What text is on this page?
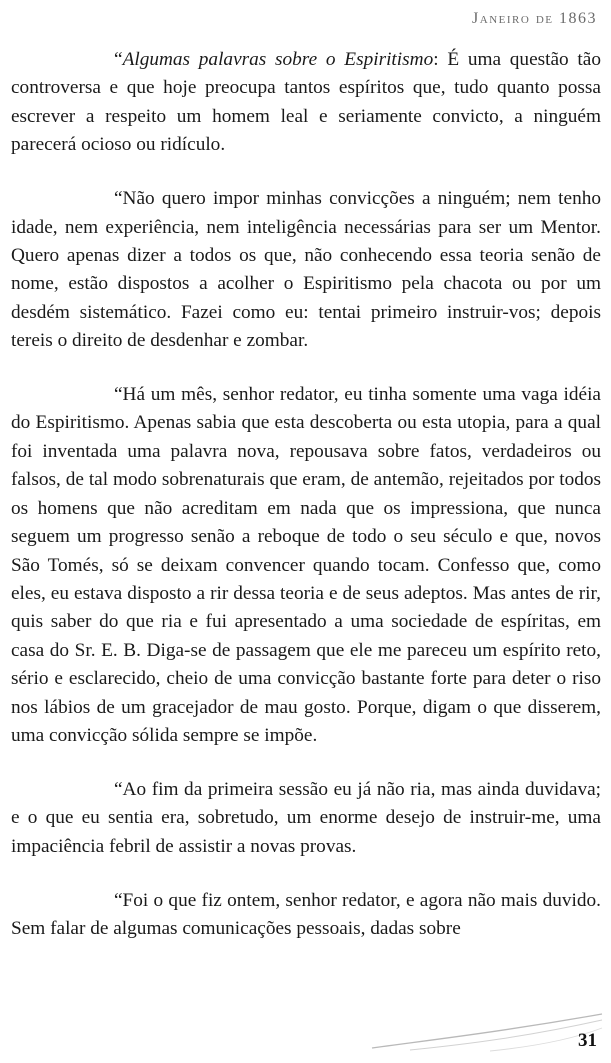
Janeiro de 1863

“Algumas palavras sobre o Espiritismo: É uma questão tão controversa e que hoje preocupa tantos espíritos que, tudo quanto possa escrever a respeito um homem leal e seriamente convicto, a ninguém parecerá ocioso ou ridículo.

“Não quero impor minhas convicções a ninguém; nem tenho idade, nem experiência, nem inteligência necessárias para ser um Mentor. Quero apenas dizer a todos os que, não conhecendo essa teoria senão de nome, estão dispostos a acolher o Espiritismo pela chacota ou por um desdém sistemático. Fazei como eu: tentai primeiro instruir-vos; depois tereis o direito de desdenhar e zombar.

“Há um mês, senhor redator, eu tinha somente uma vaga idéia do Espiritismo. Apenas sabia que esta descoberta ou esta utopia, para a qual foi inventada uma palavra nova, repousava sobre fatos, verdadeiros ou falsos, de tal modo sobrenaturais que eram, de antemão, rejeitados por todos os homens que não acreditam em nada que os impressiona, que nunca seguem um progresso senão a reboque de todo o seu século e que, novos São Tomés, só se deixam convencer quando tocam. Confesso que, como eles, eu estava disposto a rir dessa teoria e de seus adeptos. Mas antes de rir, quis saber do que ria e fui apresentado a uma sociedade de espíritas, em casa do Sr. E. B. Diga-se de passagem que ele me pareceu um espírito reto, sério e esclarecido, cheio de uma convicção bastante forte para deter o riso nos lábios de um gracejador de mau gosto. Porque, digam o que disserem, uma convicção sólida sempre se impõe.

“Ao fim da primeira sessão eu já não ria, mas ainda duvidava; e o que eu sentia era, sobretudo, um enorme desejo de instruir-me, uma impaciência febril de assistir a novas provas.

“Foi o que fiz ontem, senhor redator, e agora não mais duvido. Sem falar de algumas comunicações pessoais, dadas sobre

31
